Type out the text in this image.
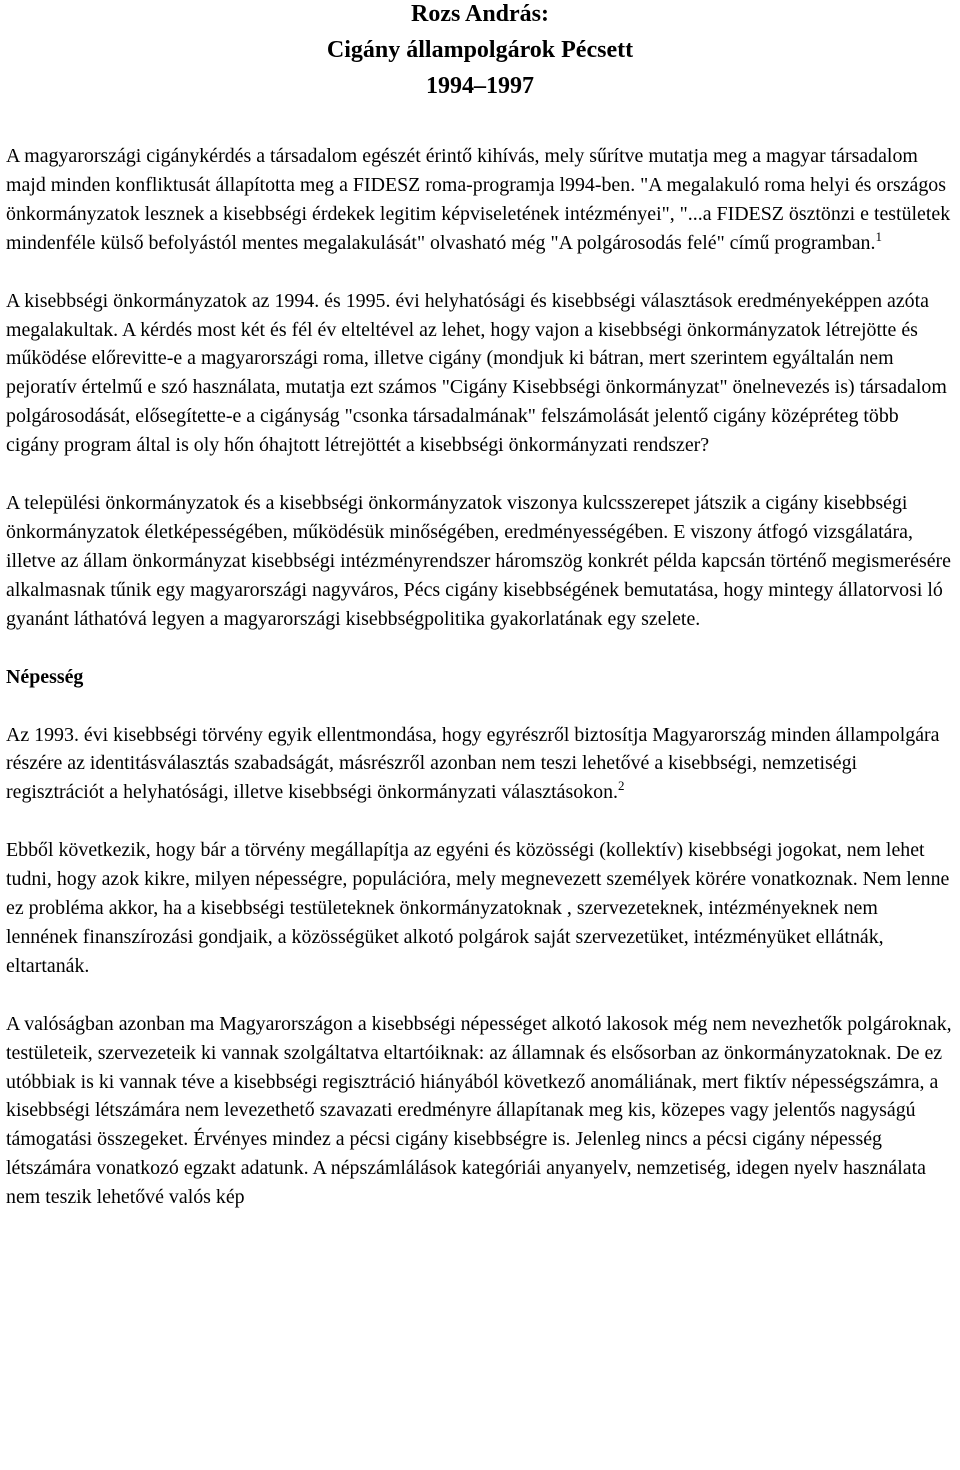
Rozs András:
Cigány állampolgárok Pécsett
1994–1997

A magyarországi cigánykérdés a társadalom egészét érintő kihívás, mely sűrítve mutatja meg a magyar társadalom majd minden konfliktusát állapította meg a FIDESZ roma-programja l994-ben. "A megalakuló roma helyi és országos önkormányzatok lesznek a kisebbségi érdekek legitim képviseletének intézményei", "...a FIDESZ ösztönzi e testületek mindenféle külső befolyástól mentes megalakulását" olvasható még "A polgárosodás felé" című programban.$^1$

A kisebbségi önkormányzatok az 1994. és 1995. évi helyhatósági és kisebbségi választások eredményeképpen azóta megalakultak. A kérdés most két és fél év elteltével az lehet, hogy vajon a kisebbségi önkormányzatok létrejötte és működése előrevitte-e a magyarországi roma, illetve cigány (mondjuk ki bátran, mert szerintem egyáltalán nem pejoratív értelmű e szó használata, mutatja ezt számos "Cigány Kisebbségi önkormányzat" önelnevezés is) társadalom polgárosodását, elősegítette-e a cigányság "csonka társadalmának" felszámolását jelentő cigány középréteg több cigány program által is oly hőn óhajtott létrejöttét a kisebbségi önkormányzati rendszer?

A települési önkormányzatok és a kisebbségi önkormányzatok viszonya kulcsszerepet játszik a cigány kisebbségi önkormányzatok életképességében, működésük minőségében, eredményességében. E viszony átfogó vizsgálatára, illetve az állam önkormányzat kisebbségi intézményrendszer háromszög konkrét példa kapcsán történő megismerésére alkalmasnak tűnik egy magyarországi nagyváros, Pécs cigány kisebbségének bemutatása, hogy mintegy állatorvosi ló gyanánt láthatóvá legyen a magyarországi kisebbségpolitika gyakorlatának egy szelete.

Népesség

Az 1993. évi kisebbségi törvény egyik ellentmondása, hogy egyrészről biztosítja Magyarország minden állampolgára részére az identitásválasztás szabadságát, másrészről azonban nem teszi lehetővé a kisebbségi, nemzetiségi regisztrációt a helyhatósági, illetve kisebbségi önkormányzati választásokon.$^2$

Ebből következik, hogy bár a törvény megállapítja az egyéni és közösségi (kollektív) kisebbségi jogokat, nem lehet tudni, hogy azok kikre, milyen népességre, populációra, mely megnevezett személyek körére vonatkoznak. Nem lenne ez probléma akkor, ha a kisebbségi testületeknek önkormányzatoknak , szervezeteknek, intézményeknek nem lennének finanszírozási gondjaik, a közösségüket alkotó polgárok saját szervezetüket, intézményüket ellátnák, eltartanák.

A valóságban azonban ma Magyarországon a kisebbségi népességet alkotó lakosok még nem nevezhetők polgároknak, testületeik, szervezeteik ki vannak szolgáltatva eltartóiknak: az államnak és elsősorban az önkormányzatoknak. De ez utóbbiak is ki vannak téve a kisebbségi regisztráció hiányából következő anomáliának, mert fiktív népességszámra, a kisebbségi létszámára nem levezethető szavazati eredményre állapítanak meg kis, közepes vagy jelentős nagyságú támogatási összegeket. Érvényes mindez a pécsi cigány kisebbségre is. Jelenleg nincs a pécsi cigány népesség létszámára vonatkozó egzakt adatunk. A népszámlálások kategóriái anyanyelv, nemzetiség, idegen nyelv használata nem teszik lehetővé valós kép
